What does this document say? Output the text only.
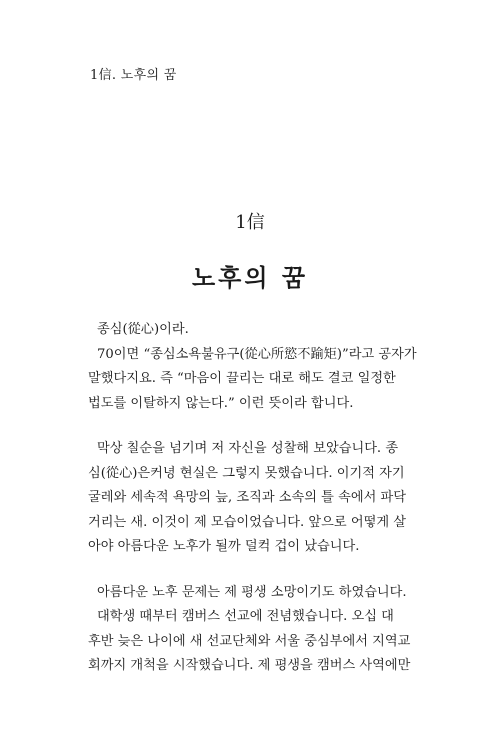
1信. 노후의 꿈
1信
노후의 꿈
종심(從心)이라.
70이면 “종심소욕불유구(從心所慾不踰矩)”라고 공자가
말했다지요. 즉 “마음이 끌리는 대로 해도 결코 일정한
법도를 이탈하지 않는다.” 이런 뜻이라 합니다.
막상 칠순을 넘기며 저 자신을 성찰해 보았습니다. 종
심(從心)은커녕 현실은 그렇지 못했습니다. 이기적 자기
굴레와 세속적 욕망의 늪, 조직과 소속의 틀 속에서 파닥
거리는 새. 이것이 제 모습이었습니다. 앞으로 어떻게 살
아야 아름다운 노후가 될까 덜컥 겁이 났습니다.
아름다운 노후 문제는 제 평생 소망이기도 하였습니다.
대학생 때부터 캠버스 선교에 전념했습니다. 오십 대
후반 늦은 나이에 새 선교단체와 서울 중심부에서 지역교
회까지 개척을 시작했습니다. 제 평생을 캠버스 사역에만
